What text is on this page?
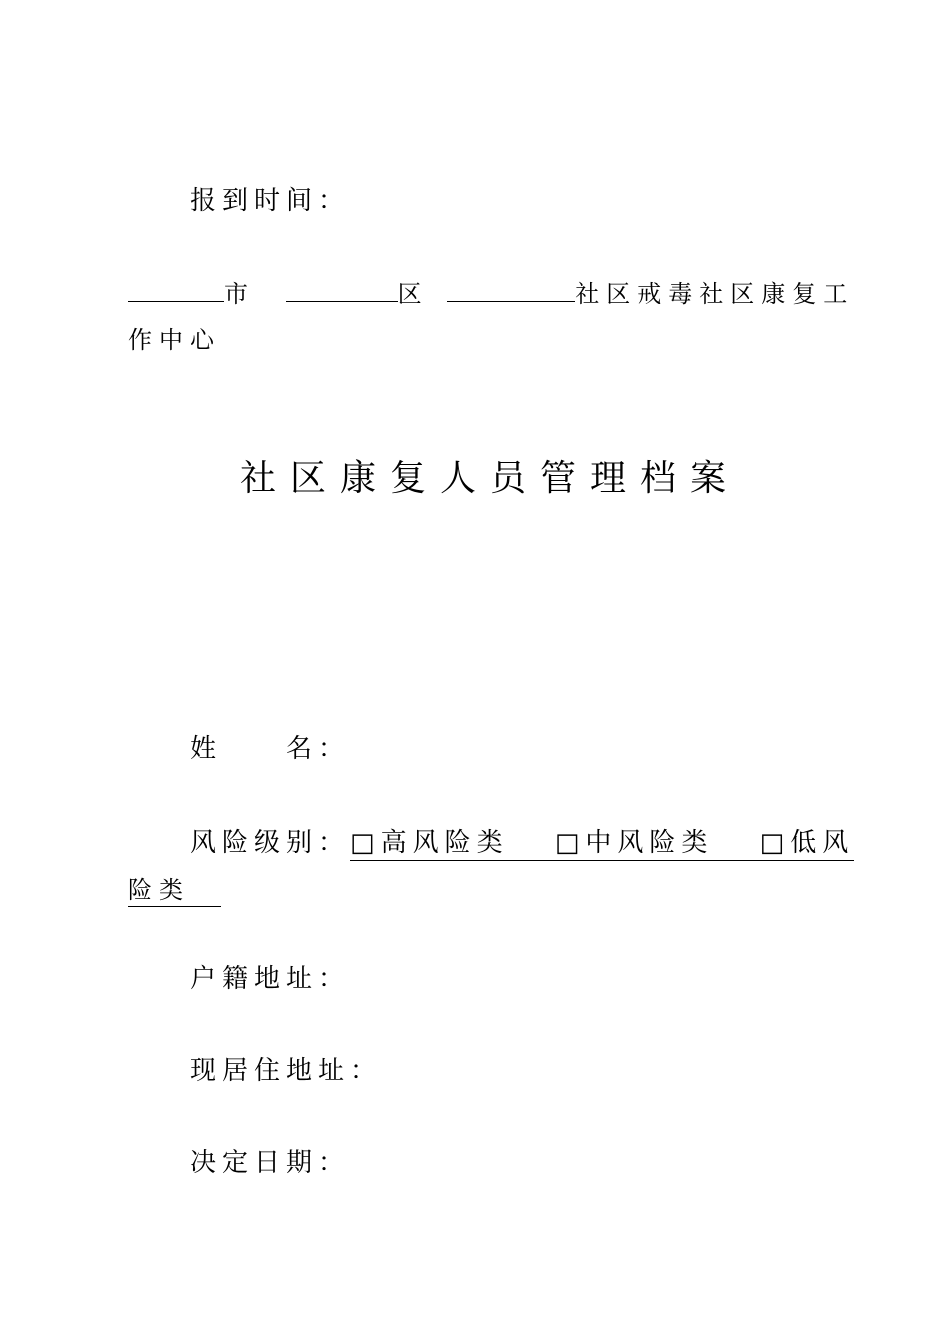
报到时间：
市	区	社区戒毒社区康复工
作中心
社区康复人员管理档案
姓 名：
风险级别：□高风险类　 □中风险类　 □低风
险类　
户籍地址：
现居住地址：
决定日期：
